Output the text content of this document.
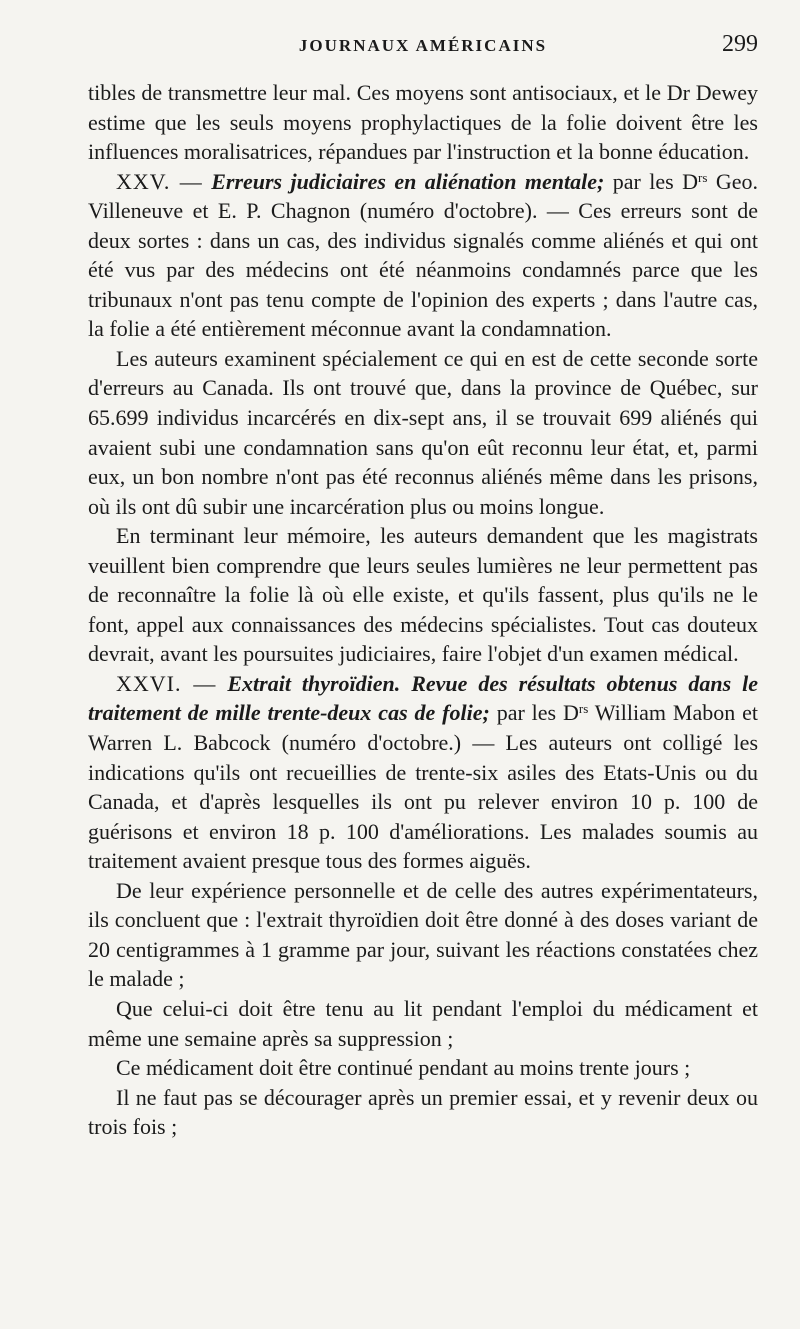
JOURNAUX AMÉRICAINS	299

tibles de transmettre leur mal. Ces moyens sont antisociaux, et le Dr Dewey estime que les seuls moyens prophylactiques de la folie doivent être les influences moralisatrices, répandues par l'instruction et la bonne éducation.

XXV. — Erreurs judiciaires en aliénation mentale; par les $D^{rs}$ Geo. Villeneuve et E. P. Chagnon (numéro d'octobre). — Ces erreurs sont de deux sortes : dans un cas, des individus signalés comme aliénés et qui ont été vus par des médecins ont été néanmoins condamnés parce que les tribunaux n'ont pas tenu compte de l'opinion des experts ; dans l'autre cas, la folie a été entièrement méconnue avant la condamnation.

Les auteurs examinent spécialement ce qui en est de cette seconde sorte d'erreurs au Canada. Ils ont trouvé que, dans la province de Québec, sur 65.699 individus incarcérés en dix-sept ans, il se trouvait 699 aliénés qui avaient subi une condamnation sans qu'on eût reconnu leur état, et, parmi eux, un bon nombre n'ont pas été reconnus aliénés même dans les prisons, où ils ont dû subir une incarcération plus ou moins longue.

En terminant leur mémoire, les auteurs demandent que les magistrats veuillent bien comprendre que leurs seules lumières ne leur permettent pas de reconnaître la folie là où elle existe, et qu'ils fassent, plus qu'ils ne le font, appel aux connaissances des médecins spécialistes. Tout cas douteux devrait, avant les poursuites judiciaires, faire l'objet d'un examen médical.

XXVI. — Extrait thyroïdien. Revue des résultats obtenus dans le traitement de mille trente-deux cas de folie; par les $D^{rs}$ William Mabon et Warren L. Babcock (numéro d'octobre.) — Les auteurs ont colligé les indications qu'ils ont recueillies de trente-six asiles des Etats-Unis ou du Canada, et d'après lesquelles ils ont pu relever environ 10 p. 100 de guérisons et environ 18 p. 100 d'améliorations. Les malades soumis au traitement avaient presque tous des formes aiguës.

De leur expérience personnelle et de celle des autres expérimentateurs, ils concluent que : l'extrait thyroïdien doit être donné à des doses variant de 20 centigrammes à 1 gramme par jour, suivant les réactions constatées chez le malade ;

Que celui-ci doit être tenu au lit pendant l'emploi du médicament et même une semaine après sa suppression ;

Ce médicament doit être continué pendant au moins trente jours ;

Il ne faut pas se décourager après un premier essai, et y revenir deux ou trois fois ;
